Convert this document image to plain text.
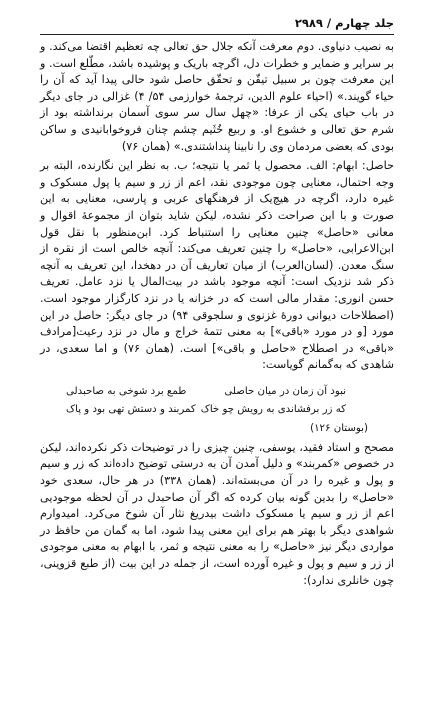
جلد چهارم / ۲۹۸۹

به نصیب دنیاوی. دوم معرفت آنکه جلال حق تعالی چه تعظیم اقتضا می‌کند. و بر سرایر و ضمایر و خطرات دل، اگرچه باریک و پوشیده باشد، مطّلع است. و این معرفت چون بر سبیل تیقّن و تحقّق حاصل شود حالی پیدا آید که آن را حیاء گویند.» (احیاء علوم الدین، ترجمهٔ خوارزمی ۵۴/ ۴) غزالی در جای دیگر در باب حیای یکی از عرفا: «چهل سال سر سوی آسمان برنداشته بود از شرم حق تعالی و خشوع او. و ربیع خُثَیم چشم چنان فروخوابانیدی و ساکن بودی که بعضی مردمان وی را نابینا پنداشتندی.» (همان ۷۶)

حاصل: ابهام: الف. محصول یا ثمر یا نتیجه؛ ب. به نظر این نگارنده، البته بر وجه احتمال، معنایی چون موجودی نقد، اعم از زر و سیم یا پول مسکوک و غیره دارد، اگرچه در هیچ‌یک از فرهنگهای عربی و پارسی، معنایی به این صورت و با این صراحت ذکر نشده، لیکن شاید بتوان از مجموعهٔ اقوال و معانی «حاصل» چنین معنایی را استنباط کرد. ابن‌منظور با نقل قول ابن‌الاعرابی، «حاصل» را چنین تعریف می‌کند: آنچه خالص است از نقره از سنگ معدن. (لسان‌العرب) از میان تعاریف آن در دهخدا، این تعریف به آنچه ذکر شد نزدیک است: آنچه موجود باشد در بیت‌المال یا نزد عامل. تعریف حسن انوری: مقدار مالی است که در خزانه یا در نزد کارگزار موجود است. (اصطلاحات دیوانی دورهٔ غزنوی و سلجوقی ۹۴) در جای دیگر: حاصل در این مورد [و در مورد «باقی»] به معنی تتمهٔ خراج و مال در نزد رعیت[مرادف «باقی» در اصطلاح «حاصل و باقی»] است. (همان ۷۶) و اما سعدی، در شاهدی که به‌گمانم گویاست:

نبود آن زمان در میان حاصلی
طمع برد شوخی به صاحبدلی
که زر برفشاندی به رویش چو خاک
کمربند و دستش تهی بود و پاک
(بوستان ۱۲۶)

مصحح و استاد فقید، یوسفی، چنین چیزی را در توضیحات ذکر نکرده‌اند، لیکن در خصوص «کمربند» و دلیل آمدن آن به درستی توضیح داده‌اند که زر و سیم و پول و غیره را در آن می‌بسته‌اند. (همان ۳۳۸) در هر حال، سعدی خود «حاصل» را بدین گونه بیان کرده که اگر آن صاحبدل در آن لحظه موجودیی اعم از زر و سیم یا مسکوک داشت بیدریغ نثار آن شوخ می‌کرد. امیدوارم شواهدی دیگر با بهتر هم برای این معنی پیدا شود، اما به گمان من حافظ در مواردی دیگر نیز «حاصل» را به معنی نتیجه و ثمر، با ابهام به معنی موجودی از زر و سیم و پول و غیره آورده است، از جمله در این بیت (از طبع قزوینی، چون خانلری ندارد):
